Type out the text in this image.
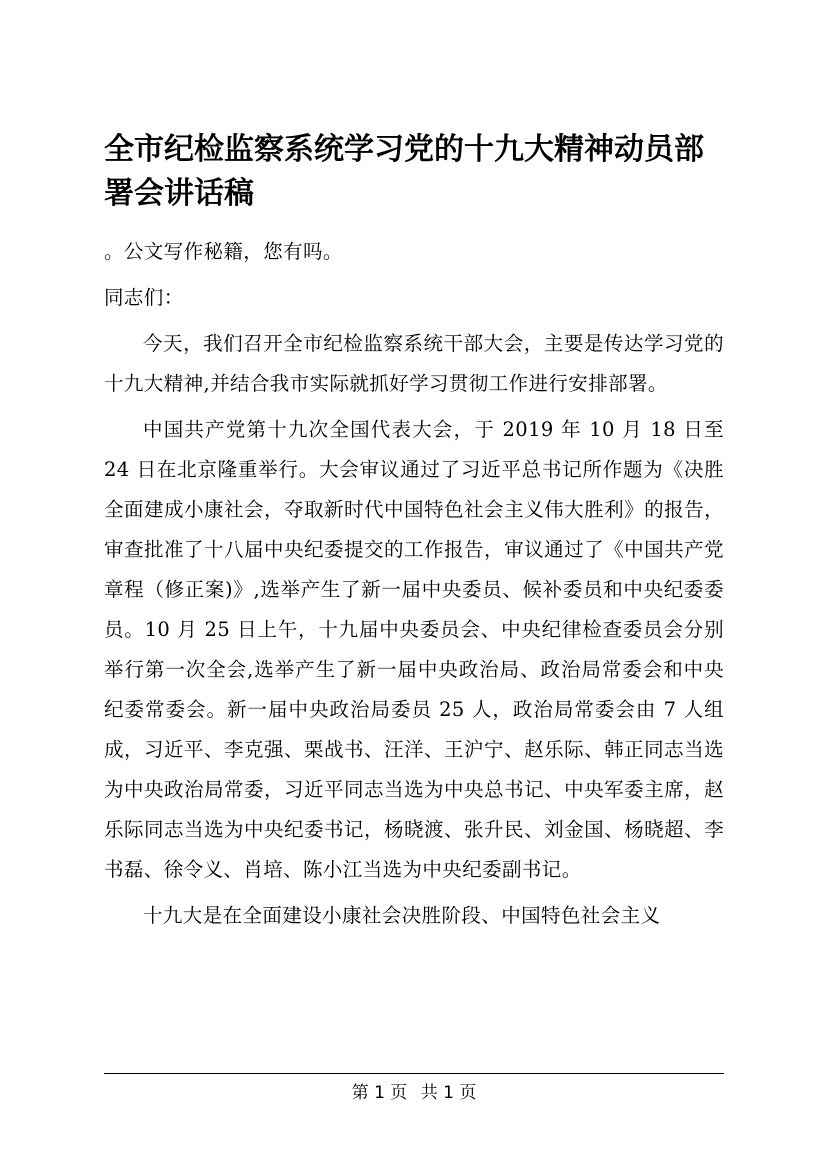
全市纪检监察系统学习党的十九大精神动员部署会讲话稿

。公文写作秘籍，您有吗。

同志们：

今天，我们召开全市纪检监察系统干部大会，主要是传达学习党的十九大精神,并结合我市实际就抓好学习贯彻工作进行安排部署。

中国共产党第十九次全国代表大会，于 2019 年 10 月 18 日至 24 日在北京隆重举行。大会审议通过了习近平总书记所作题为《决胜全面建成小康社会，夺取新时代中国特色社会主义伟大胜利》的报告，审查批准了十八届中央纪委提交的工作报告，审议通过了《中国共产党章程（修正案)》,选举产生了新一届中央委员、候补委员和中央纪委委员。10 月 25 日上午，十九届中央委员会、中央纪律检查委员会分别举行第一次全会,选举产生了新一届中央政治局、政治局常委会和中央纪委常委会。新一届中央政治局委员 25 人，政治局常委会由 7 人组成，习近平、李克强、栗战书、汪洋、王沪宁、赵乐际、韩正同志当选为中央政治局常委，习近平同志当选为中央总书记、中央军委主席，赵乐际同志当选为中央纪委书记，杨晓渡、张升民、刘金国、杨晓超、李书磊、徐令义、肖培、陈小江当选为中央纪委副书记。

十九大是在全面建设小康社会决胜阶段、中国特色社会主义

第 1 页 共 1 页
